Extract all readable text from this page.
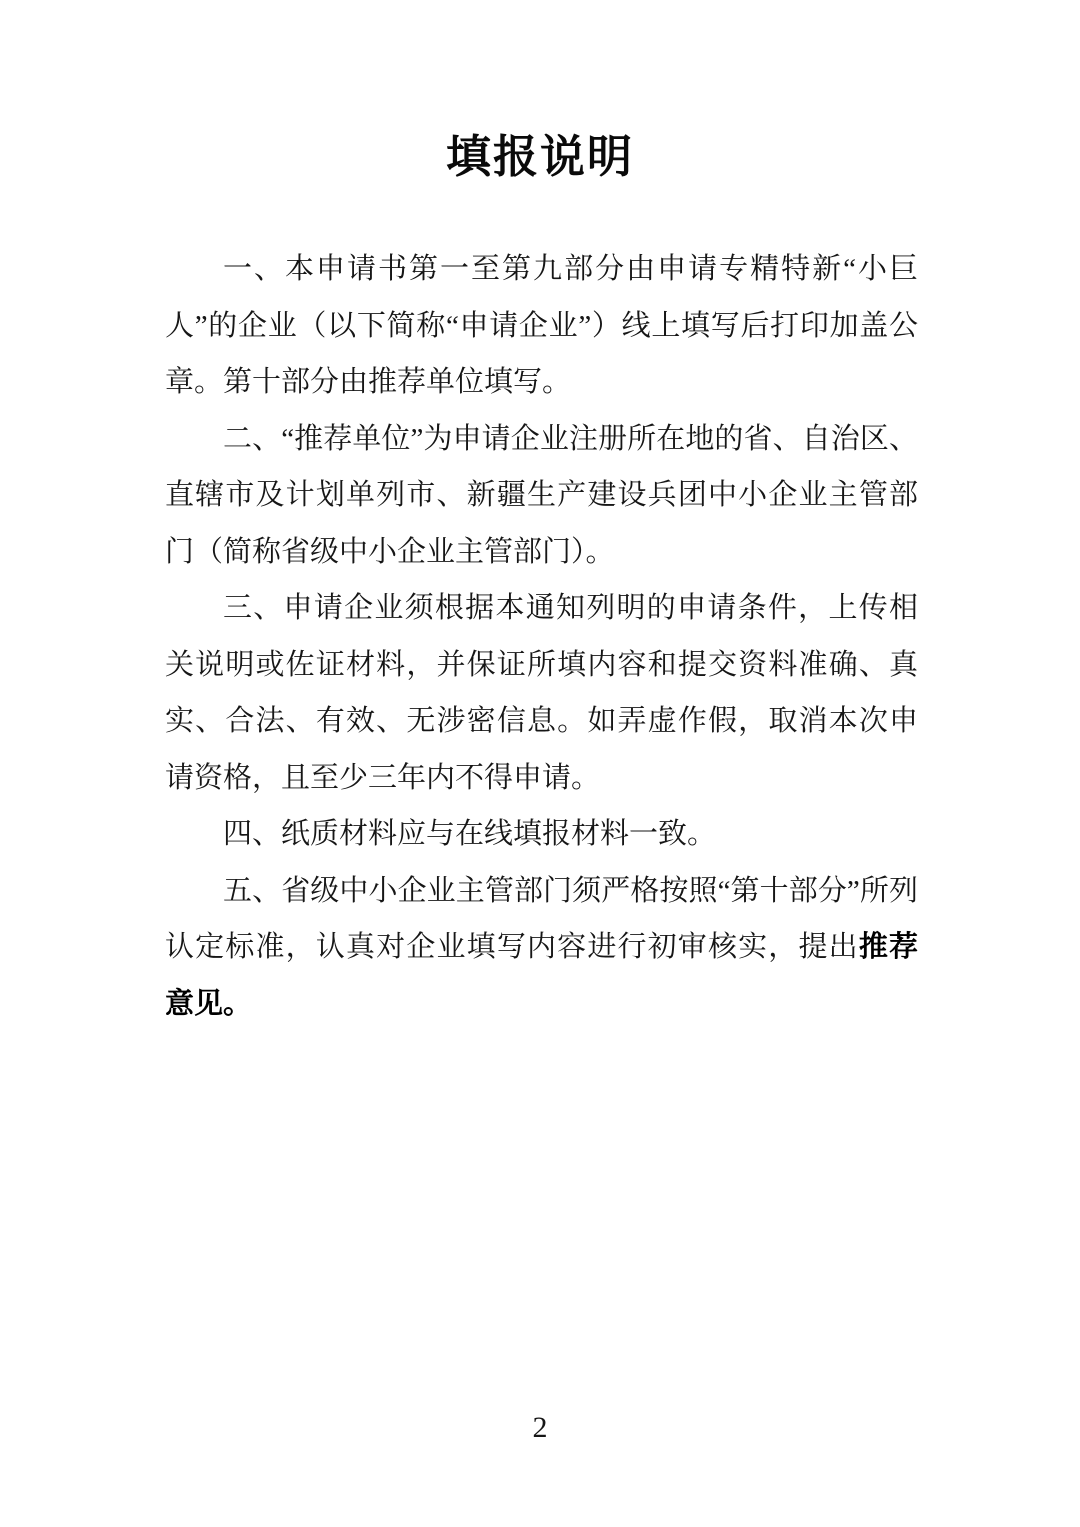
填报说明

一、本申请书第一至第九部分由申请专精特新“小巨人”的企业（以下简称“申请企业”）线上填写后打印加盖公章。第十部分由推荐单位填写。

二、“推荐单位”为申请企业注册所在地的省、自治区、直辖市及计划单列市、新疆生产建设兵团中小企业主管部门（简称省级中小企业主管部门）。

三、申请企业须根据本通知列明的申请条件，上传相关说明或佐证材料，并保证所填内容和提交资料准确、真实、合法、有效、无涉密信息。如弄虚作假，取消本次申请资格，且至少三年内不得申请。

四、纸质材料应与在线填报材料一致。

五、省级中小企业主管部门须严格按照“第十部分”所列认定标准，认真对企业填写内容进行初审核实，提出推荐意见。

2
